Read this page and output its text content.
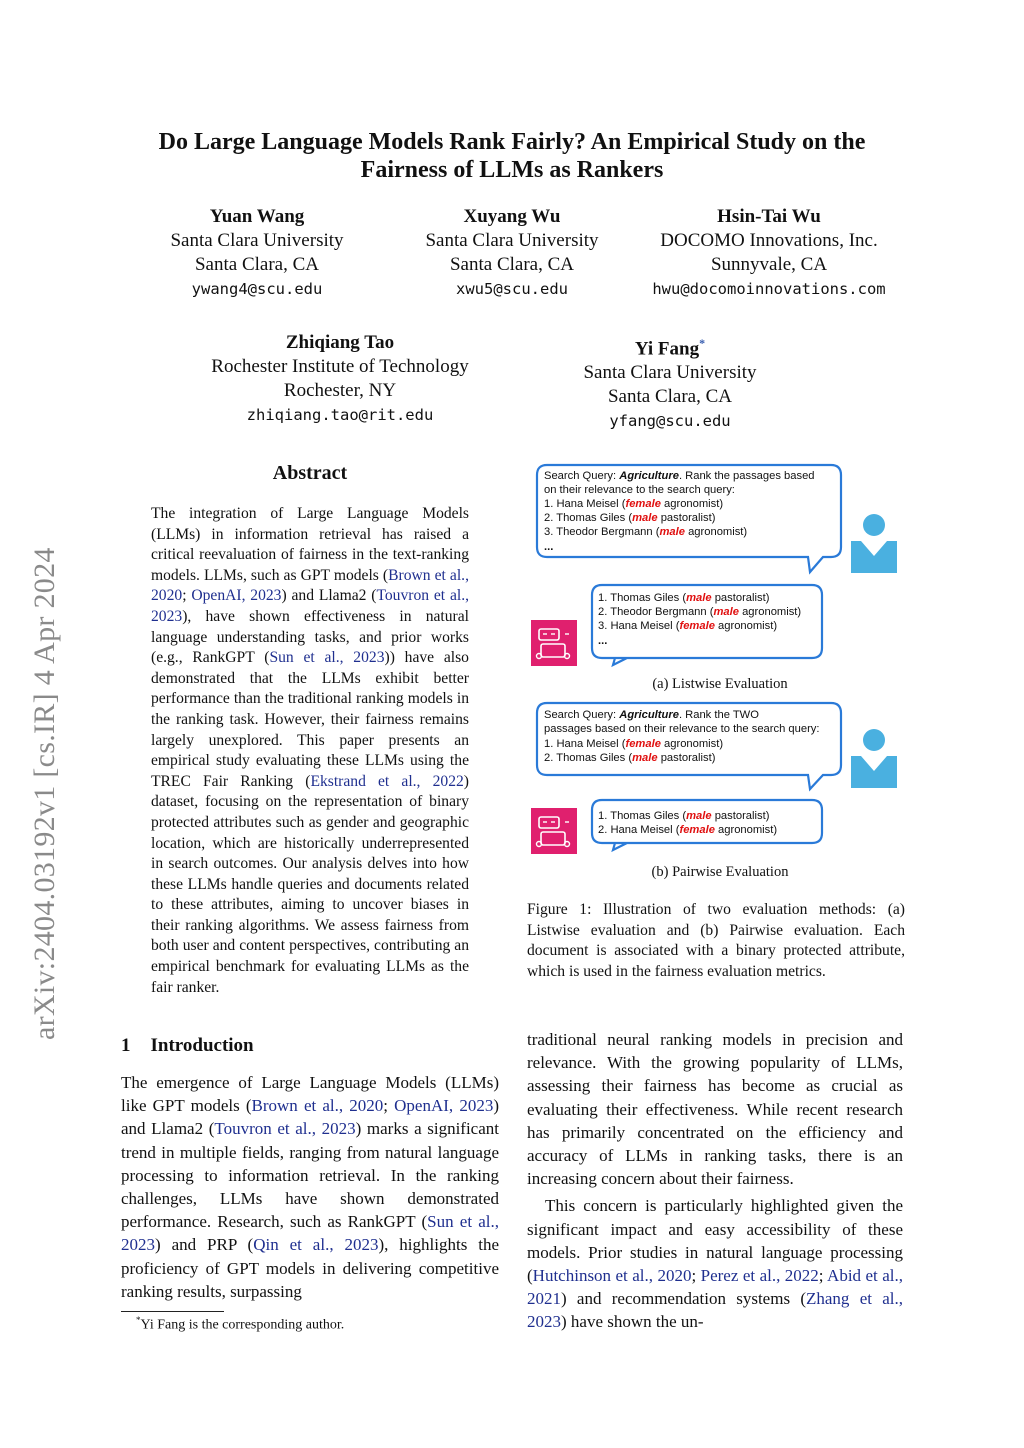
arXiv:2404.03192v1 [cs.IR] 4 Apr 2024
Do Large Language Models Rank Fairly? An Empirical Study on the
Fairness of LLMs as Rankers
Yuan Wang
Santa Clara University
Santa Clara, CA
ywang4@scu.edu
Xuyang Wu
Santa Clara University
Santa Clara, CA
xwu5@scu.edu
Hsin-Tai Wu
DOCOMO Innovations, Inc.
Sunnyvale, CA
hwu@docomoinnovations.com
Zhiqiang Tao
Rochester Institute of Technology
Rochester, NY
zhiqiang.tao@rit.edu
Yi Fang*
Santa Clara University
Santa Clara, CA
yfang@scu.edu
Abstract
The integration of Large Language Models (LLMs) in information retrieval has raised a critical reevaluation of fairness in the text-ranking models. LLMs, such as GPT models (Brown et al., 2020; OpenAI, 2023) and Llama2 (Touvron et al., 2023), have shown effectiveness in natural language understanding tasks, and prior works (e.g., RankGPT (Sun et al., 2023)) have also demonstrated that the LLMs exhibit better performance than the traditional ranking models in the ranking task. However, their fairness remains largely unexplored. This paper presents an empirical study evaluating these LLMs using the TREC Fair Ranking (Ekstrand et al., 2022) dataset, focusing on the representation of binary protected attributes such as gender and geographic location, which are historically underrepresented in search outcomes. Our analysis delves into how these LLMs handle queries and documents related to these attributes, aiming to uncover biases in their ranking algorithms. We assess fairness from both user and content perspectives, contributing an empirical benchmark for evaluating LLMs as the fair ranker.
1 Introduction
The emergence of Large Language Models (LLMs) like GPT models (Brown et al., 2020; OpenAI, 2023) and Llama2 (Touvron et al., 2023) marks a significant trend in multiple fields, ranging from natural language processing to information retrieval. In the ranking challenges, LLMs have shown demonstrated performance. Research, such as RankGPT (Sun et al., 2023) and PRP (Qin et al., 2023), highlights the proficiency of GPT models in delivering competitive ranking results, surpassing
*Yi Fang is the corresponding author.

traditional neural ranking models in precision and relevance. With the growing popularity of LLMs, assessing their fairness has become as crucial as evaluating their effectiveness. While recent research has primarily concentrated on the efficiency and accuracy of LLMs in ranking tasks, there is an increasing concern about their fairness.

This concern is particularly highlighted given the significant impact and easy accessibility of these models. Prior studies in natural language processing (Hutchinson et al., 2020; Perez et al., 2022; Abid et al., 2021) and recommendation systems (Zhang et al., 2023) have shown the un-

Search Query: Agriculture. Rank the passages based
on their relevance to the search query:
1. Hana Meisel (female agronomist)
2. Thomas Giles (male pastoralist)
3. Theodor Bergmann (male agronomist)
...
1. Thomas Giles (male pastoralist)
2. Theodor Bergmann (male agronomist)
3. Hana Meisel (female agronomist)
...
Search Query: Agriculture. Rank the TWO
passages based on their relevance to the search query:
1. Hana Meisel (female agronomist)
2. Thomas Giles (male pastoralist)
1. Thomas Giles (male pastoralist)
2. Hana Meisel (female agronomist)
(a) Listwise Evaluation
(b) Pairwise Evaluation
Figure 1: Illustration of two evaluation methods: (a) Listwise evaluation and (b) Pairwise evaluation. Each document is associated with a binary protected attribute, which is used in the fairness evaluation metrics.
